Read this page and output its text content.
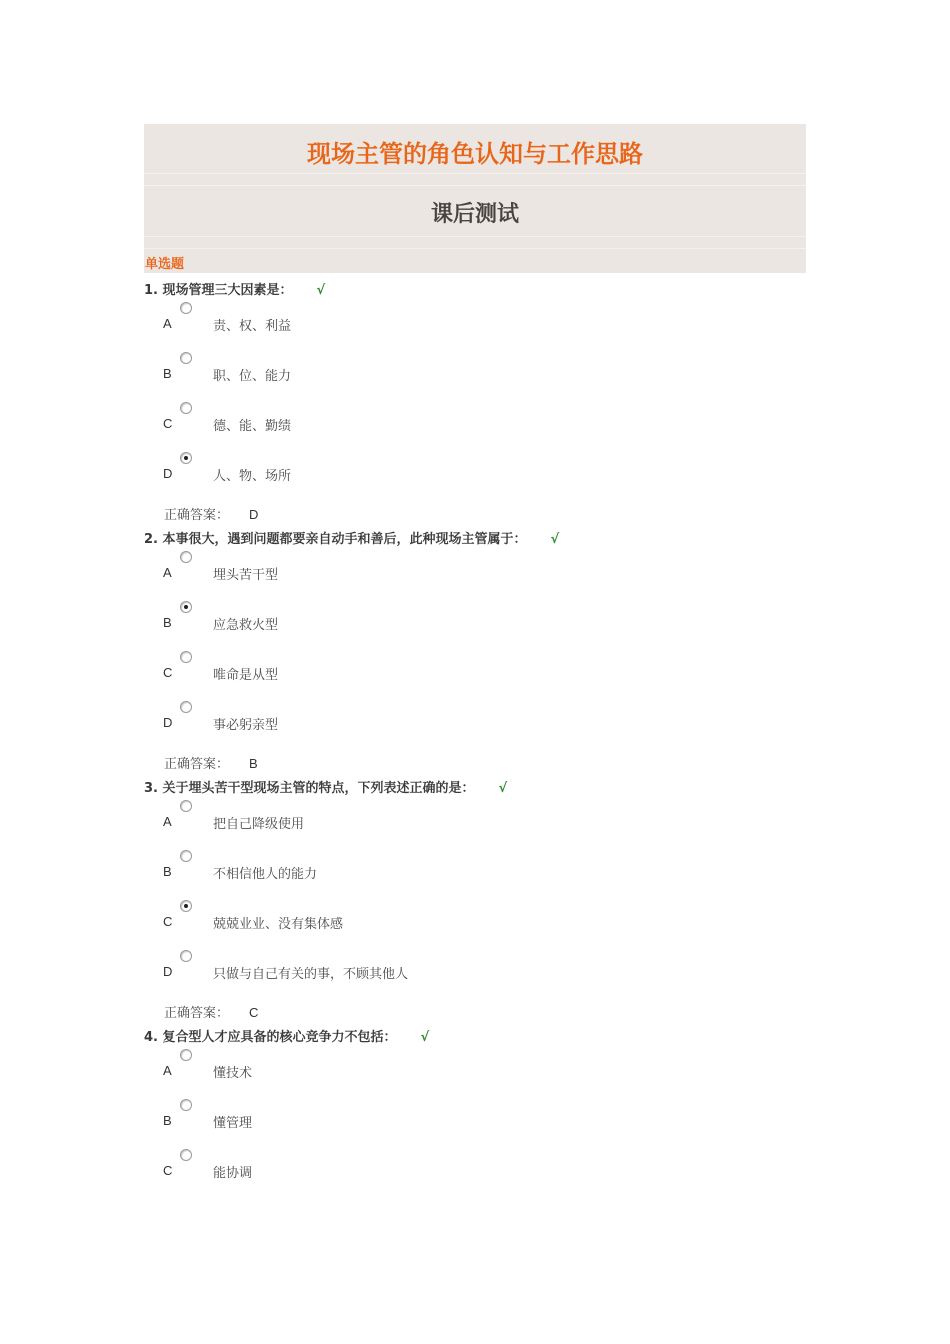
现场主管的角色认知与工作思路
课后测试
单选题
1. 现场管理三大因素是： √
A	责、权、利益
B	职、位、能力
C	德、能、勤绩
D	人、物、场所
正确答案： D
2. 本事很大，遇到问题都要亲自动手和善后，此种现场主管属于： √
A	埋头苦干型
B	应急救火型
C	唯命是从型
D	事必躬亲型
正确答案： B
3. 关于埋头苦干型现场主管的特点，下列表述正确的是： √
A	把自己降级使用
B	不相信他人的能力
C	兢兢业业、没有集体感
D	只做与自己有关的事，不顾其他人
正确答案： C
4. 复合型人才应具备的核心竞争力不包括： √
A	懂技术
B	懂管理
C	能协调
